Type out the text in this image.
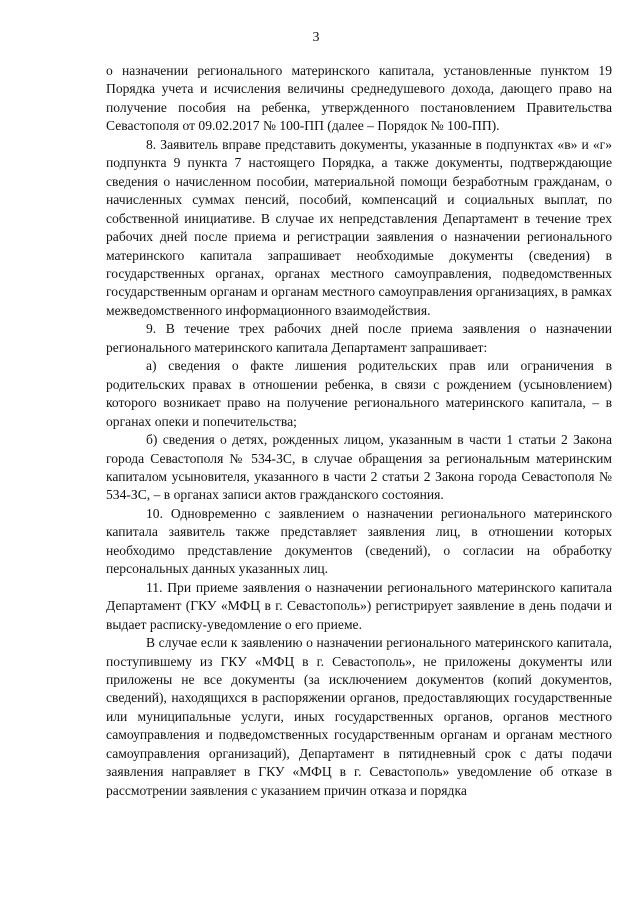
3

о назначении регионального материнского капитала, установленные пунктом 19 Порядка учета и исчисления величины среднедушевого дохода, дающего право на получение пособия на ребенка, утвержденного постановлением Правительства Севастополя от 09.02.2017 № 100-ПП (далее – Порядок № 100-ПП).

8. Заявитель вправе представить документы, указанные в подпунктах «в» и «г» подпункта 9 пункта 7 настоящего Порядка, а также документы, подтверждающие сведения о начисленном пособии, материальной помощи безработным гражданам, о начисленных суммах пенсий, пособий, компенсаций и социальных выплат, по собственной инициативе. В случае их непредставления Департамент в течение трех рабочих дней после приема и регистрации заявления о назначении регионального материнского капитала запрашивает необходимые документы (сведения) в государственных органах, органах местного самоуправления, подведомственных государственным органам и органам местного самоуправления организациях, в рамках межведомственного информационного взаимодействия.

9. В течение трех рабочих дней после приема заявления о назначении регионального материнского капитала Департамент запрашивает:

а) сведения о факте лишения родительских прав или ограничения в родительских правах в отношении ребенка, в связи с рождением (усыновлением) которого возникает право на получение регионального материнского капитала, – в органах опеки и попечительства;

б) сведения о детях, рожденных лицом, указанным в части 1 статьи 2 Закона города Севастополя № 534-ЗС, в случае обращения за региональным материнским капиталом усыновителя, указанного в части 2 статьи 2 Закона города Севастополя № 534-ЗС, – в органах записи актов гражданского состояния.

10. Одновременно с заявлением о назначении регионального материнского капитала заявитель также представляет заявления лиц, в отношении которых необходимо представление документов (сведений), о согласии на обработку персональных данных указанных лиц.

11. При приеме заявления о назначении регионального материнского капитала Департамент (ГКУ «МФЦ в г. Севастополь») регистрирует заявление в день подачи и выдает расписку-уведомление о его приеме.

В случае если к заявлению о назначении регионального материнского капитала, поступившему из ГКУ «МФЦ в г. Севастополь», не приложены документы или приложены не все документы (за исключением документов (копий документов, сведений), находящихся в распоряжении органов, предоставляющих государственные или муниципальные услуги, иных государственных органов, органов местного самоуправления и подведомственных государственным органам и органам местного самоуправления организаций), Департамент в пятидневный срок с даты подачи заявления направляет в ГКУ «МФЦ в г. Севастополь» уведомление об отказе в рассмотрении заявления с указанием причин отказа и порядка
